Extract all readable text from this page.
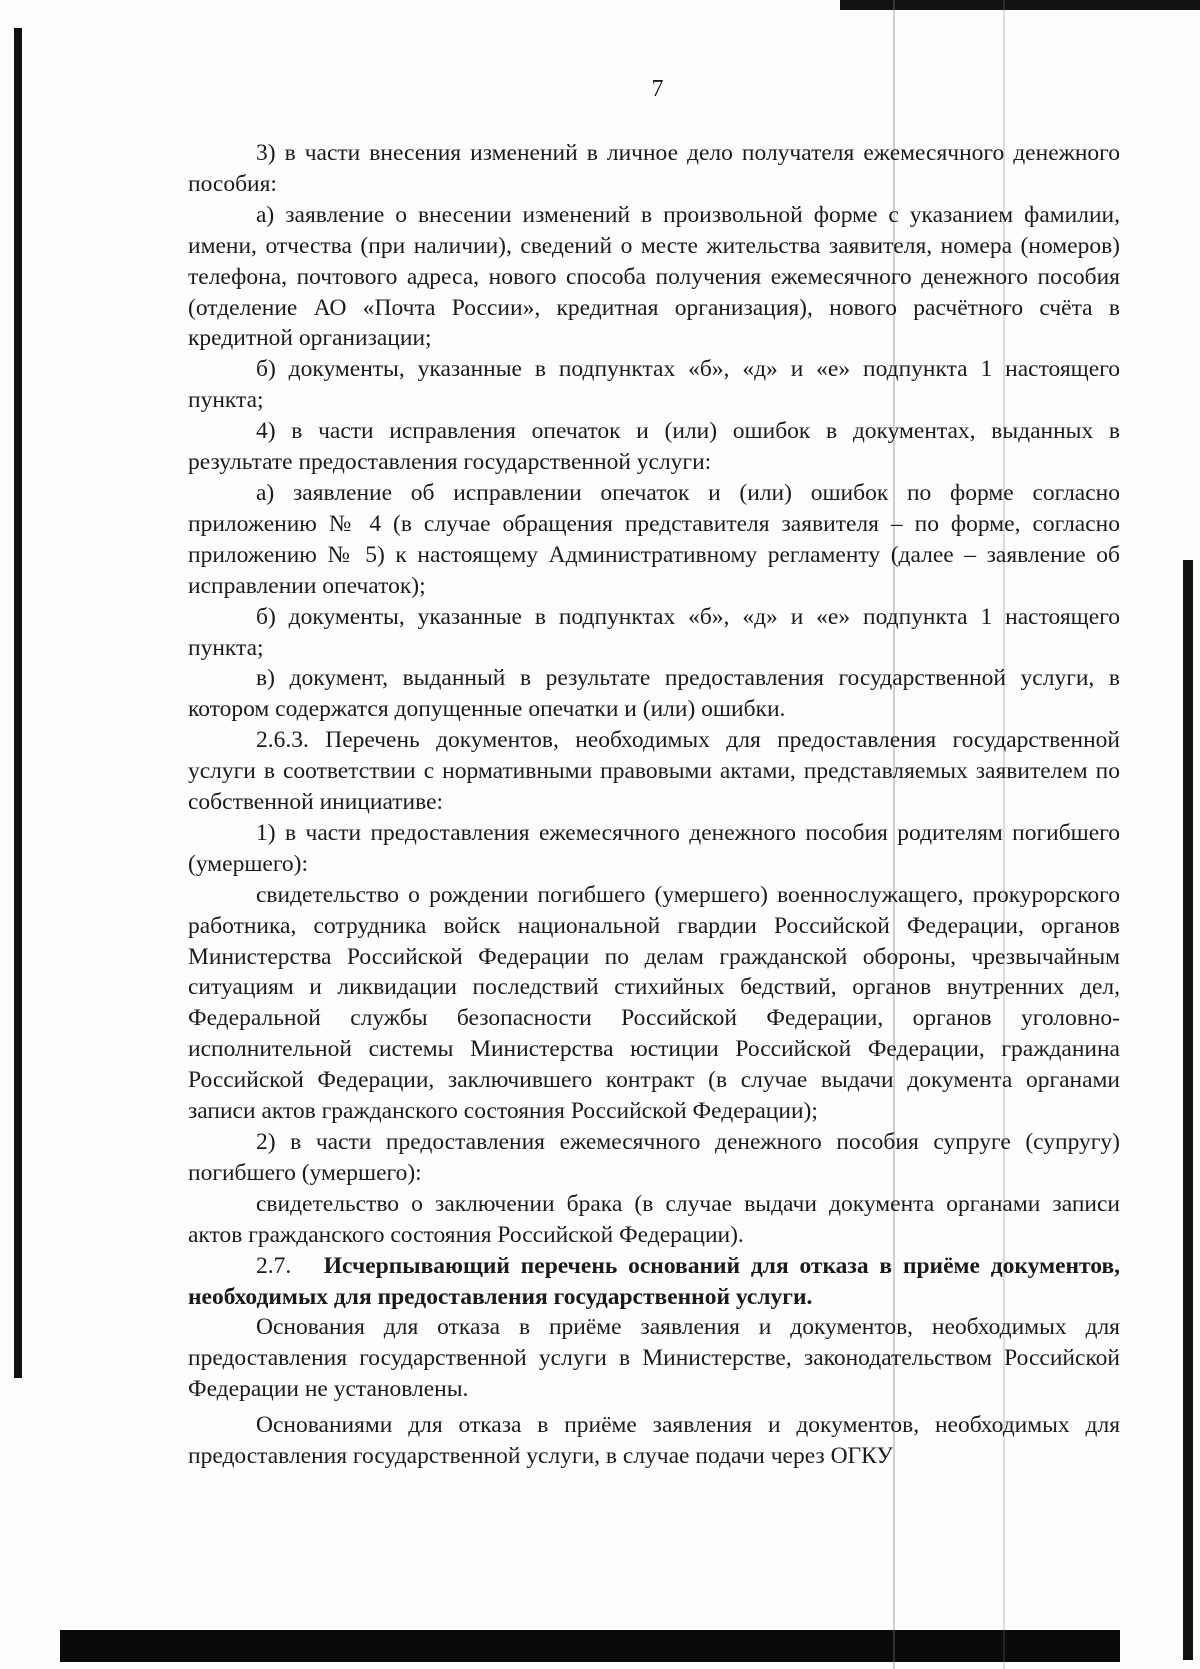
7

3) в части внесения изменений в личное дело получателя ежемесячного денежного пособия:

а) заявление о внесении изменений в произвольной форме с указанием фамилии, имени, отчества (при наличии), сведений о месте жительства заявителя, номера (номеров) телефона, почтового адреса, нового способа получения ежемесячного денежного пособия (отделение АО «Почта России», кредитная организация), нового расчётного счёта в кредитной организации;

б) документы, указанные в подпунктах «б», «д» и «е» подпункта 1 настоящего пункта;

4) в части исправления опечаток и (или) ошибок в документах, выданных в результате предоставления государственной услуги:

а) заявление об исправлении опечаток и (или) ошибок по форме согласно приложению № 4 (в случае обращения представителя заявителя – по форме, согласно приложению № 5) к настоящему Административному регламенту (далее – заявление об исправлении опечаток);

б) документы, указанные в подпунктах «б», «д» и «е» подпункта 1 настоящего пункта;

в) документ, выданный в результате предоставления государственной услуги, в котором содержатся допущенные опечатки и (или) ошибки.

2.6.3. Перечень документов, необходимых для предоставления государственной услуги в соответствии с нормативными правовыми актами, представляемых заявителем по собственной инициативе:

1) в части предоставления ежемесячного денежного пособия родителям погибшего (умершего):

свидетельство о рождении погибшего (умершего) военнослужащего, прокурорского работника, сотрудника войск национальной гвардии Российской Федерации, органов Министерства Российской Федерации по делам гражданской обороны, чрезвычайным ситуациям и ликвидации последствий стихийных бедствий, органов внутренних дел, Федеральной службы безопасности Российской Федерации, органов уголовно-исполнительной системы Министерства юстиции Российской Федерации, гражданина Российской Федерации, заключившего контракт (в случае выдачи документа органами записи актов гражданского состояния Российской Федерации);

2) в части предоставления ежемесячного денежного пособия супруге (супругу) погибшего (умершего):

свидетельство о заключении брака (в случае выдачи документа органами записи актов гражданского состояния Российской Федерации).

2.7. Исчерпывающий перечень оснований для отказа в приёме документов, необходимых для предоставления государственной услуги.

Основания для отказа в приёме заявления и документов, необходимых для предоставления государственной услуги в Министерстве, законодательством Российской Федерации не установлены.

Основаниями для отказа в приёме заявления и документов, необходимых для предоставления государственной услуги, в случае подачи через ОГКУ
